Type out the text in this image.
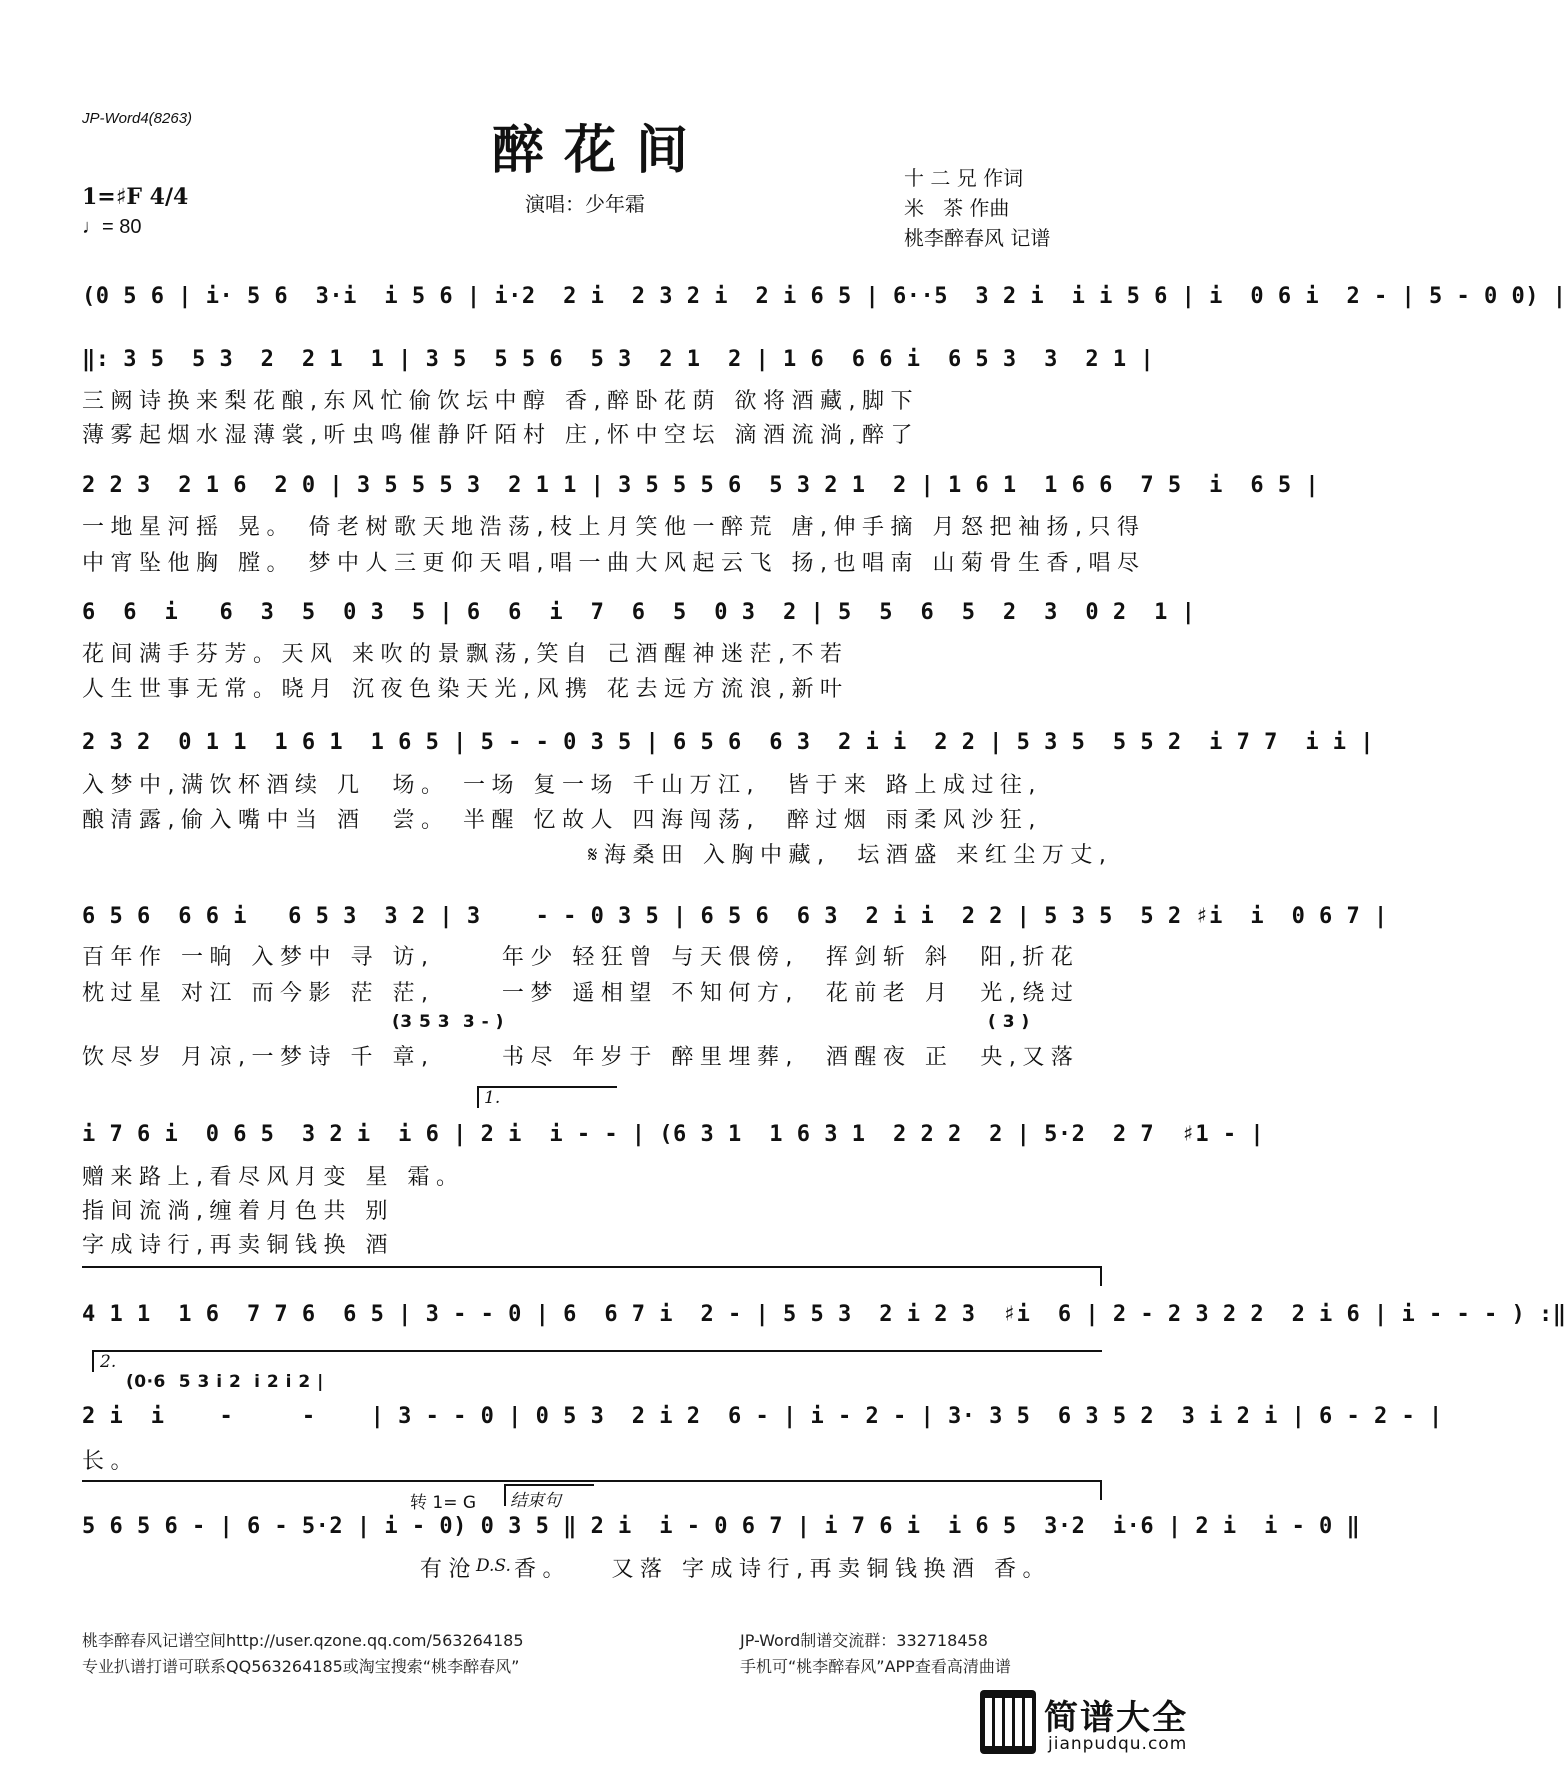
JP-Word4(8263)
醉花间
1=♯F 4/4
♩= 80
演唱：少年霜
十 二 兄 作词
米   茶 作曲
桃李醉春风 记谱
(0 5 6 | i· 5 6  3·i  i 5 6 | i·2  2 i  2 3 2 i  2 i 6 5 | 6··5  3 2 i  i i 5 6 | i  0 6 i  2 - | 5 - 0 0) |
‖: 3 5  5 3  2  2 1  1 | 3 5  5 5 6  5 3  2 1  2 | 1 6  6 6 i  6 5 3  3  2 1 |
三阙诗换来梨花酿,东风忙偷饮坛中醇 香,醉卧花荫 欲将酒藏,脚下
薄雾起烟水湿薄裳,听虫鸣催静阡陌村 庄,怀中空坛 滴酒流淌,醉了
2 2 3  2 1 6  2 0 | 3 5 5 5 3  2 1 1 | 3 5 5 5 6  5 3 2 1  2 | 1 6 1  1 6 6  7 5  i  6 5 |
一地星河摇 晃。 倚老树歌天地浩荡,枝上月笑他一醉荒 唐,伸手摘 月怒把袖扬,只得
中宵坠他胸 膛。 梦中人三更仰天唱,唱一曲大风起云飞 扬,也唱南 山菊骨生香,唱尽
6  6  i   6  3  5  0 3  5 | 6  6  i  7  6  5  0 3  2 | 5  5  6  5  2  3  0 2  1 |
花间满手芬芳。天风 来吹的景飘荡,笑自 己酒醒神迷茫,不若
人生世事无常。晓月 沉夜色染天光,风携 花去远方流浪,新叶
2 3 2  0 1 1  1 6 1  1 6 5 | 5 - - 0 3 5 | 6 5 6  6 3  2 i i  2 2 | 5 3 5  5 5 2  i 7 7  i i |
入梦中,满饮杯酒续 几  场。 一场 复一场 千山万江,  皆于来 路上成过往,
酿清露,偷入嘴中当 酒  尝。 半醒 忆故人 四海闯荡,  醉过烟 雨柔风沙狂,
𝄋海桑田 入胸中藏,  坛酒盛 来红尘万丈,
6 5 6  6 6 i   6 5 3  3 2 | 3    - - 0 3 5 | 6 5 6  6 3  2 i i  2 2 | 5 3 5  5 2 ♯i  i  0 6 7 |
百年作 一晌 入梦中 寻 访,     年少 轻狂曾 与天偎傍,  挥剑斩 斜  阳,折花
枕过星 对江 而今影 茫 茫,     一梦 遥相望 不知何方,  花前老 月  光,绕过
(3 5 3  3 - )	( 3 )
饮尽岁 月凉,一梦诗 千 章,     书尽 年岁于 醉里埋葬,  酒醒夜 正  央,又落
1.
i 7 6 i  0 6 5  3 2 i  i 6 | 2 i  i - - | (6 3 1  1 6 3 1  2 2 2  2 | 5·2  2 7  ♯1 - |
赠来路上,看尽风月变 星 霜。
指间流淌,缠着月色共 别
字成诗行,再卖铜钱换 酒
4 1 1  1 6  7 7 6  6 5 | 3 - - 0 | 6  6 7 i  2 - | 5 5 3  2 i 2 3  ♯i  6 | 2 - 2 3 2 2  2 i 6 | i - - - ) :‖
2.
(0·6  5 3 i 2  i 2 i 2 |
2 i  i    -     -    | 3 - - 0 | 0 5 3  2 i 2  6 - | i - 2 - | 3· 3 5  6 3 5 2  3 i 2 i | 6 - 2 - |
长。
转 1= G 结束句
5 6 5 6 - | 6 - 5·2 | i - 0) 0 3 5 ‖ 2 i  i - 0 6 7 | i 7 6 i  i 6 5  3·2  i·6 | 2 i  i - 0 ‖
有沧
D.S. 香。   又落 字成诗行,再卖铜钱换酒 香。
桃李醉春风记谱空间http://user.qzone.qq.com/563264185
专业扒谱打谱可联系QQ563264185或淘宝搜索“桃李醉春风”
JP-Word制谱交流群：332718458
手机可“桃李醉春风”APP查看高清曲谱
简谱大全
jianpudqu.com
